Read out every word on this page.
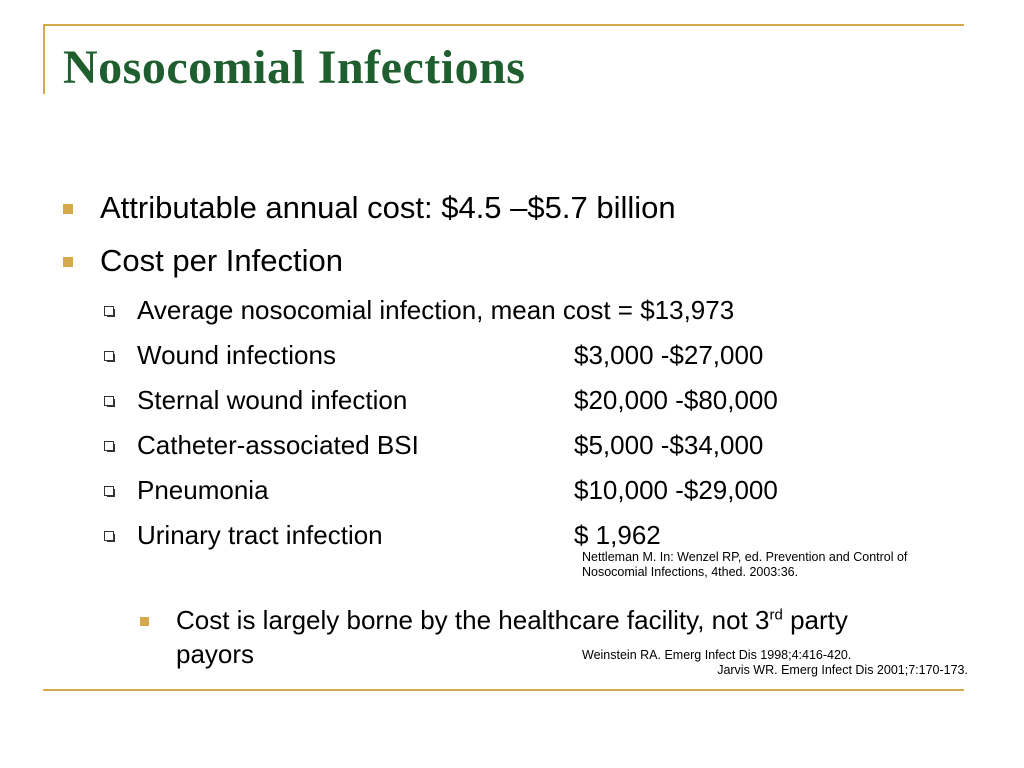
Nosocomial Infections
Attributable annual cost: $4.5 –$5.7 billion
Cost per Infection
Average nosocomial infection, mean cost = $13,973
Wound infections	$3,000 -$27,000
Sternal wound infection	$20,000 -$80,000
Catheter-associated BSI	$5,000 -$34,000
Pneumonia	$10,000 -$29,000
Urinary tract infection	$ 1,962
Nettleman M. In: Wenzel RP, ed. Prevention and Control of
Nosocomial Infections, 4thed. 2003:36.
Cost is largely borne by the healthcare facility, not 3rd party
payors	Weinstein RA. Emerg Infect Dis 1998;4:416-420.
Jarvis WR. Emerg Infect Dis 2001;7:170-173.
